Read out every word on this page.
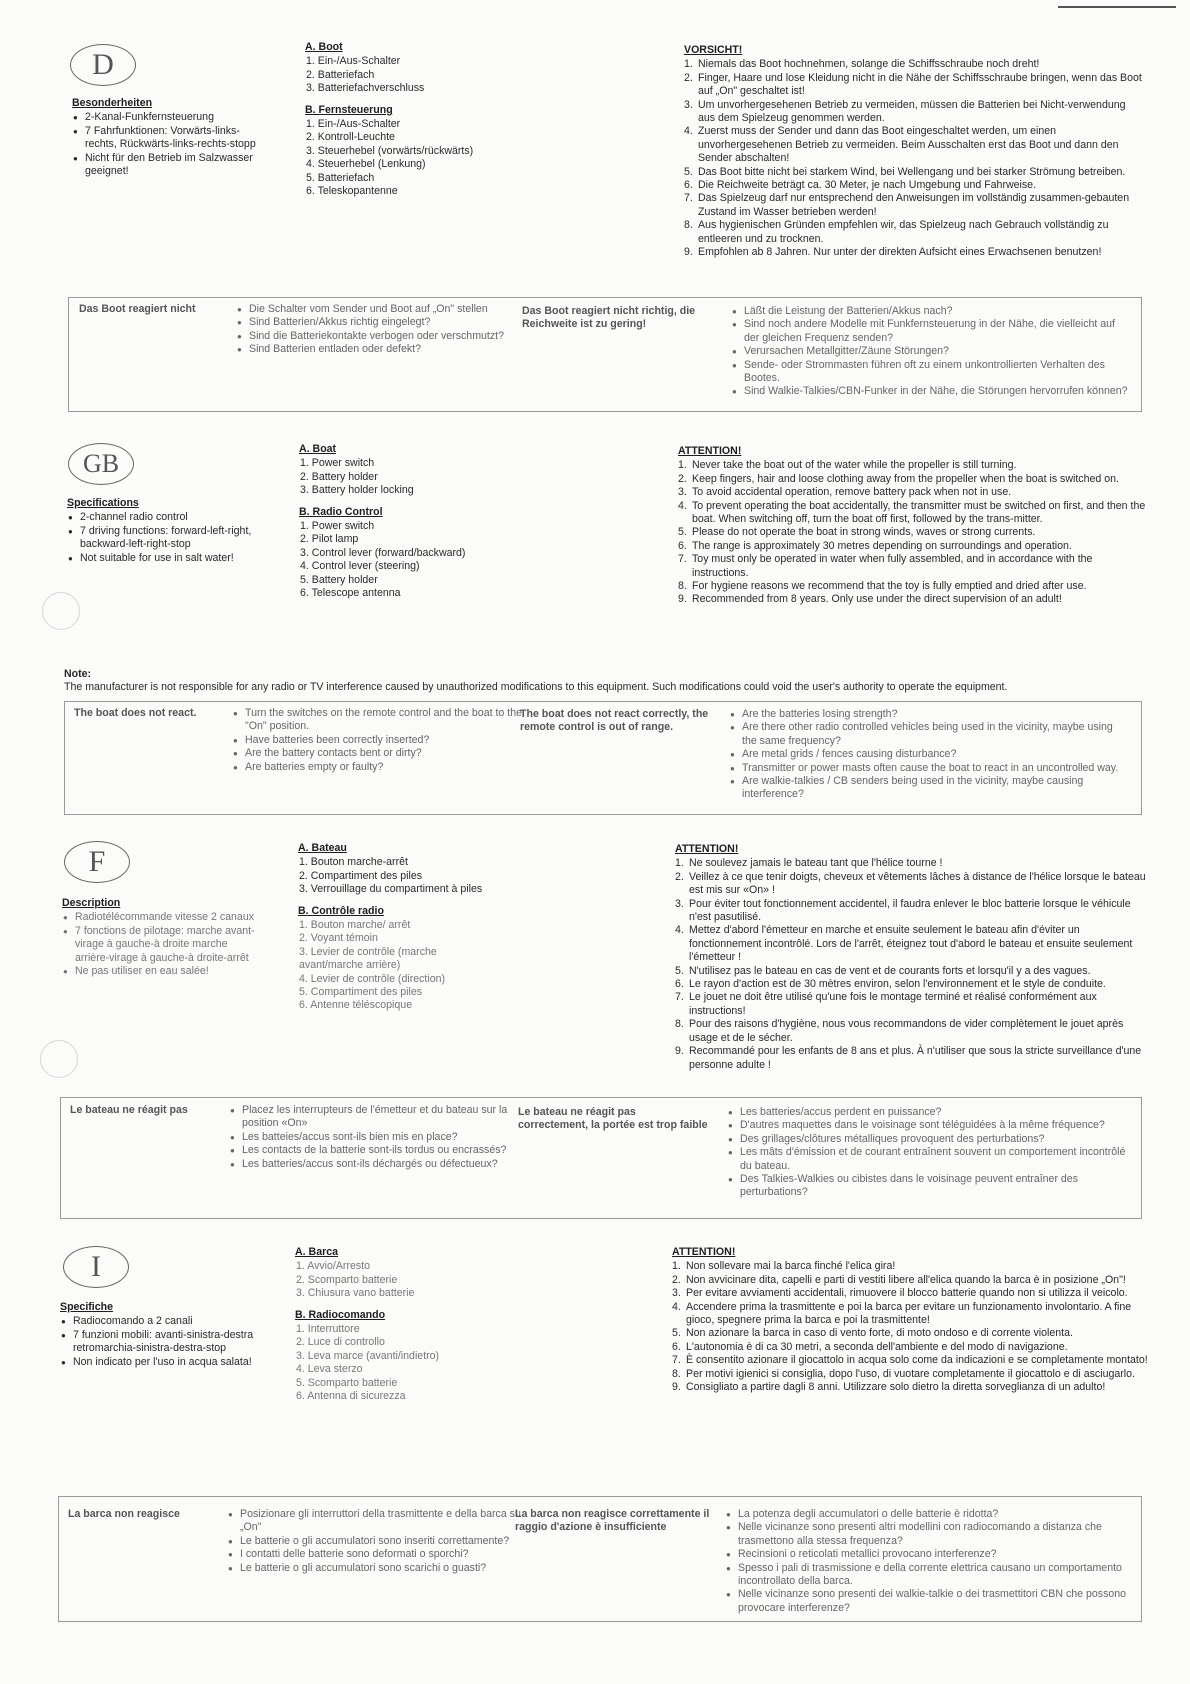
D
Besonderheiten
● 2-Kanal-Funkfernsteuerung
● 7 Fahrfunktionen: Vorwärts-links-rechts, Rückwärts-links-rechts-stopp
● Nicht für den Betrieb im Salzwasser geeignet!
A. Boot
1. Ein-/Aus-Schalter
2. Batteriefach
3. Batteriefachverschluss
B. Fernsteuerung
1. Ein-/Aus-Schalter
2. Kontroll-Leuchte
3. Steuerhebel (vorwärts/rückwärts)
4. Steuerhebel (Lenkung)
5. Batteriefach
6. Teleskopantenne
VORSICHT!
1. Niemals das Boot hochnehmen, solange die Schiffsschraube noch dreht!
2. Finger, Haare und lose Kleidung nicht in die Nähe der Schiffsschraube bringen, wenn das Boot auf „On" geschaltet ist!
3. Um unvorhergesehenen Betrieb zu vermeiden, müssen die Batterien bei Nicht-verwendung aus dem Spielzeug genommen werden.
4. Zuerst muss der Sender und dann das Boot eingeschaltet werden, um einen unvorhergesehenen Betrieb zu vermeiden. Beim Ausschalten erst das Boot und dann den Sender abschalten!
5. Das Boot bitte nicht bei starkem Wind, bei Wellengang und bei starker Strömung betreiben.
6. Die Reichweite beträgt ca. 30 Meter, je nach Umgebung und Fahrweise.
7. Das Spielzeug darf nur entsprechend den Anweisungen im vollständig zusammen-gebauten Zustand im Wasser betrieben werden!
8. Aus hygienischen Gründen empfehlen wir, das Spielzeug nach Gebrauch vollständig zu entleeren und zu trocknen.
9. Empfohlen ab 8 Jahren. Nur unter der direkten Aufsicht eines Erwachsenen benutzen!
Das Boot reagiert nicht	● Die Schalter vom Sender und Boot auf „On" stellen
● Sind Batterien/Akkus richtig eingelegt?
● Sind die Batteriekontakte verbogen oder verschmutzt?
● Sind Batterien entladen oder defekt?
Das Boot reagiert nicht richtig, die Reichweite ist zu gering!
● Läßt die Leistung der Batterien/Akkus nach?
● Sind noch andere Modelle mit Funkfernsteuerung in der Nähe, die vielleicht auf der gleichen Frequenz senden?
● Verursachen Metallgitter/Zäune Störungen?
● Sende- oder Strommasten führen oft zu einem unkontrollierten Verhalten des Bootes.
● Sind Walkie-Talkies/CBN-Funker in der Nähe, die Störungen hervorrufen können?
GB
Specifications
● 2-channel radio control
● 7 driving functions: forward-left-right, backward-left-right-stop
● Not suitable for use in salt water!
A. Boat
1. Power switch
2. Battery holder
3. Battery holder locking
B. Radio Control
1. Power switch
2. Pilot lamp
3. Control lever (forward/backward)
4. Control lever (steering)
5. Battery holder
6. Telescope antenna
ATTENTION!
1. Never take the boat out of the water while the propeller is still turning.
2. Keep fingers, hair and loose clothing away from the propeller when the boat is switched on.
3. To avoid accidental operation, remove battery pack when not in use.
4. To prevent operating the boat accidentally, the transmitter must be switched on first, and then the boat. When switching off, turn the boat off first, followed by the trans-mitter.
5. Please do not operate the boat in strong winds, waves or strong currents.
6. The range is approximately 30 metres depending on surroundings and operation.
7. Toy must only be operated in water when fully assembled, and in accordance with the instructions.
8. For hygiene reasons we recommend that the toy is fully emptied and dried after use.
9. Recommended from 8 years. Only use under the direct supervision of an adult!
Note:
The manufacturer is not responsible for any radio or TV interference caused by unauthorized modifications to this equipment. Such modifications could void the user's authority to operate the equipment.
The boat does not react.	● Turn the switches on the remote control and the boat to the "On" position.
● Have batteries been correctly inserted?
● Are the battery contacts bent or dirty?
● Are batteries empty or faulty?
The boat does not react correctly, the remote control is out of range.
● Are the batteries losing strength?
● Are there other radio controlled vehicles being used in the vicinity, maybe using the same frequency?
● Are metal grids / fences causing disturbance?
● Transmitter or power masts often cause the boat to react in an uncontrolled way.
● Are walkie-talkies / CB senders being used in the vicinity, maybe causing interference?
F
Description
● Radiotélécommande vitesse 2 canaux
● 7 fonctions de pilotage: marche avant-virage à gauche-à droite marche arrière-virage à gauche-à droite-arrêt
● Ne pas utiliser en eau salée!
A. Bateau
1. Bouton marche-arrêt
2. Compartiment des piles
3. Verrouillage du compartiment à piles
B. Contrôle radio
1. Bouton marche/ arrêt
2. Voyant témoin
3. Levier de contrôle (marche avant/marche arrière)
4. Levier de contrôle (direction)
5. Compartiment des piles
6. Antenne téléscopique
ATTENTION!
1. Ne soulevez jamais le bateau tant que l'hélice tourne !
2. Veillez à ce que tenir doigts, cheveux et vêtements lâches à distance de l'hélice lorsque le bateau est mis sur «On» !
3. Pour éviter tout fonctionnement accidentel, il faudra enlever le bloc batterie lorsque le véhicule n'est pasutilisé.
4. Mettez d'abord l'émetteur en marche et ensuite seulement le bateau afin d'éviter un fonctionnement incontrôlé. Lors de l'arrêt, éteignez tout d'abord le bateau et ensuite seulement l'émetteur !
5. N'utilisez pas le bateau en cas de vent et de courants forts et lorsqu'il y a des vagues.
6. Le rayon d'action est de 30 mètres environ, selon l'environnement et le style de conduite.
7. Le jouet ne doit être utilisé qu'une fois le montage terminé et réalisé conformément aux instructions!
8. Pour des raisons d'hygiène, nous vous recommandons de vider complètement le jouet après usage et de le sécher.
9. Recommandé pour les enfants de 8 ans et plus. À n'utiliser que sous la stricte surveillance d'une personne adulte !
Le bateau ne réagit pas	● Placez les interrupteurs de l'émetteur et du bateau sur la position «On»
● Les batteies/accus sont-ils bien mis en place?
● Les contacts de la batterie sont-ils tordus ou encrassés?
● Les batteries/accus sont-ils déchargés ou défectueux?
Le bateau ne réagit pas correctement, la portée est trop faible
● Les batteries/accus perdent en puissance?
● D'autres maquettes dans le voisinage sont téléguidées à la même fréquence?
● Des grillages/clôtures métalliques provoquent des perturbations?
● Les mâts d'émission et de courant entraînent souvent un comportement incontrôlé du bateau.
● Des Talkies-Walkies ou cibistes dans le voisinage peuvent entraîner des perturbations?
I
Specifiche
● Radiocomando a 2 canali
● 7 funzioni mobili: avanti-sinistra-destra retromarchia-sinistra-destra-stop
● Non indicato per l'uso in acqua salata!
A. Barca
1. Avvio/Arresto
2. Scomparto batterie
3. Chiusura vano batterie
B. Radiocomando
1. Interruttore
2. Luce di controllo
3. Leva marce (avanti/indietro)
4. Leva sterzo
5. Scomparto batterie
6. Antenna di sicurezza
ATTENTION!
1. Non sollevare mai la barca finché l'elica gira!
2. Non avvicinare dita, capelli e parti di vestiti libere all'elica quando la barca è in posizione „On"!
3. Per evitare avviamenti accidentali, rimuovere il blocco batterie quando non si utilizza il veicolo.
4. Accendere prima la trasmittente e poi la barca per evitare un funzionamento involontario. A fine gioco, spegnere prima la barca e poi la trasmittente!
5. Non azionare la barca in caso di vento forte, di moto ondoso e di corrente violenta.
6. L'autonomia è di ca 30 metri, a seconda dell'ambiente e del modo di navigazione.
7. È consentito azionare il giocattolo in acqua solo come da indicazioni e se completamente montato!
8. Per motivi igienici si consiglia, dopo l'uso, di vuotare completamente il giocattolo e di asciugarlo.
9. Consigliato a partire dagli 8 anni. Utilizzare solo dietro la diretta sorveglianza di un adulto!
La barca non reagisce	● Posizionare gli interruttori della trasmittente e della barca su „On"
● Le batterie o gli accumulatori sono inseriti correttamente?
● I contatti delle batterie sono deformati o sporchi?
● Le batterie o gli accumulatori sono scarichi o guasti?
La barca non reagisce correttamente il raggio d'azione è insufficiente
● La potenza degli accumulatori o delle batterie è ridotta?
● Nelle vicinanze sono presenti altri modellini con radiocomando a distanza che trasmettono alla stessa frequenza?
● Recinsioni o reticolati metallici provocano interferenze?
● Spesso i pali di trasmissione e della corrente elettrica causano un comportamento incontrollato della barca.
● Nelle vicinanze sono presenti dei walkie-talkie o dei trasmettitori CBN che possono provocare interferenze?
